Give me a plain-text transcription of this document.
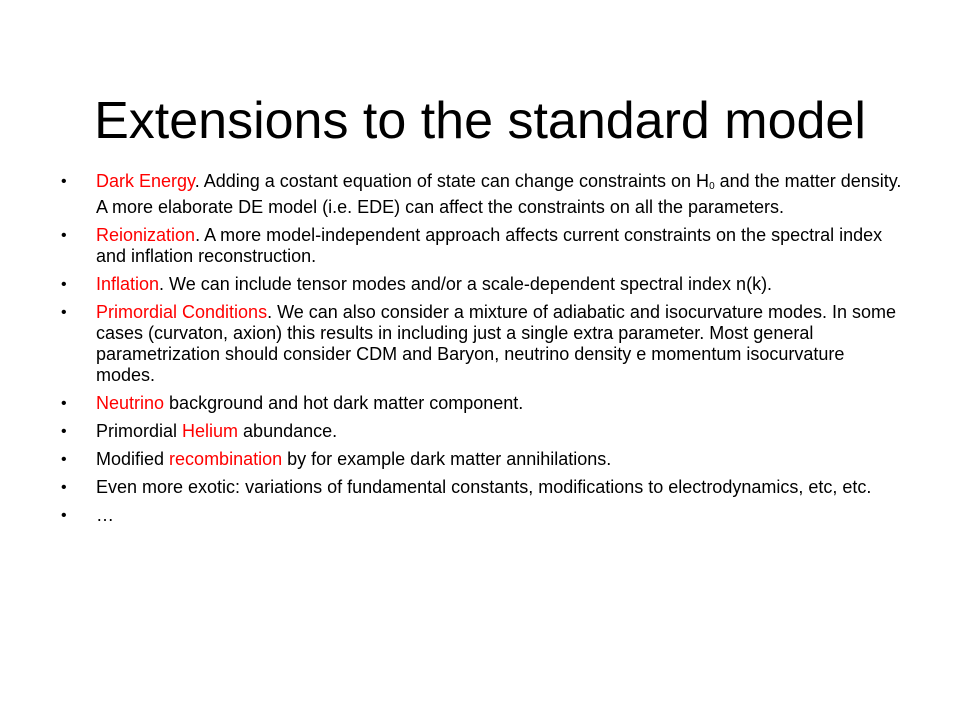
Extensions to the standard model
• Dark Energy. Adding a costant equation of state can change constraints on $H_0$ and the matter density. A more elaborate DE model (i.e. EDE) can affect the constraints on all the parameters.
• Reionization. A more model-independent approach affects current constraints on the spectral index and inflation reconstruction.
• Inflation. We can include tensor modes and/or a scale-dependent spectral index n(k).
• Primordial Conditions. We can also consider a mixture of adiabatic and isocurvature modes. In some cases (curvaton, axion) this results in including just a single extra parameter. Most general parametrization should consider CDM and Baryon, neutrino density e momentum isocurvature modes.
• Neutrino background and hot dark matter component.
• Primordial Helium abundance.
• Modified recombination by for example dark matter annihilations.
• Even more exotic: variations of fundamental constants, modifications to electrodynamics, etc, etc.
• …
